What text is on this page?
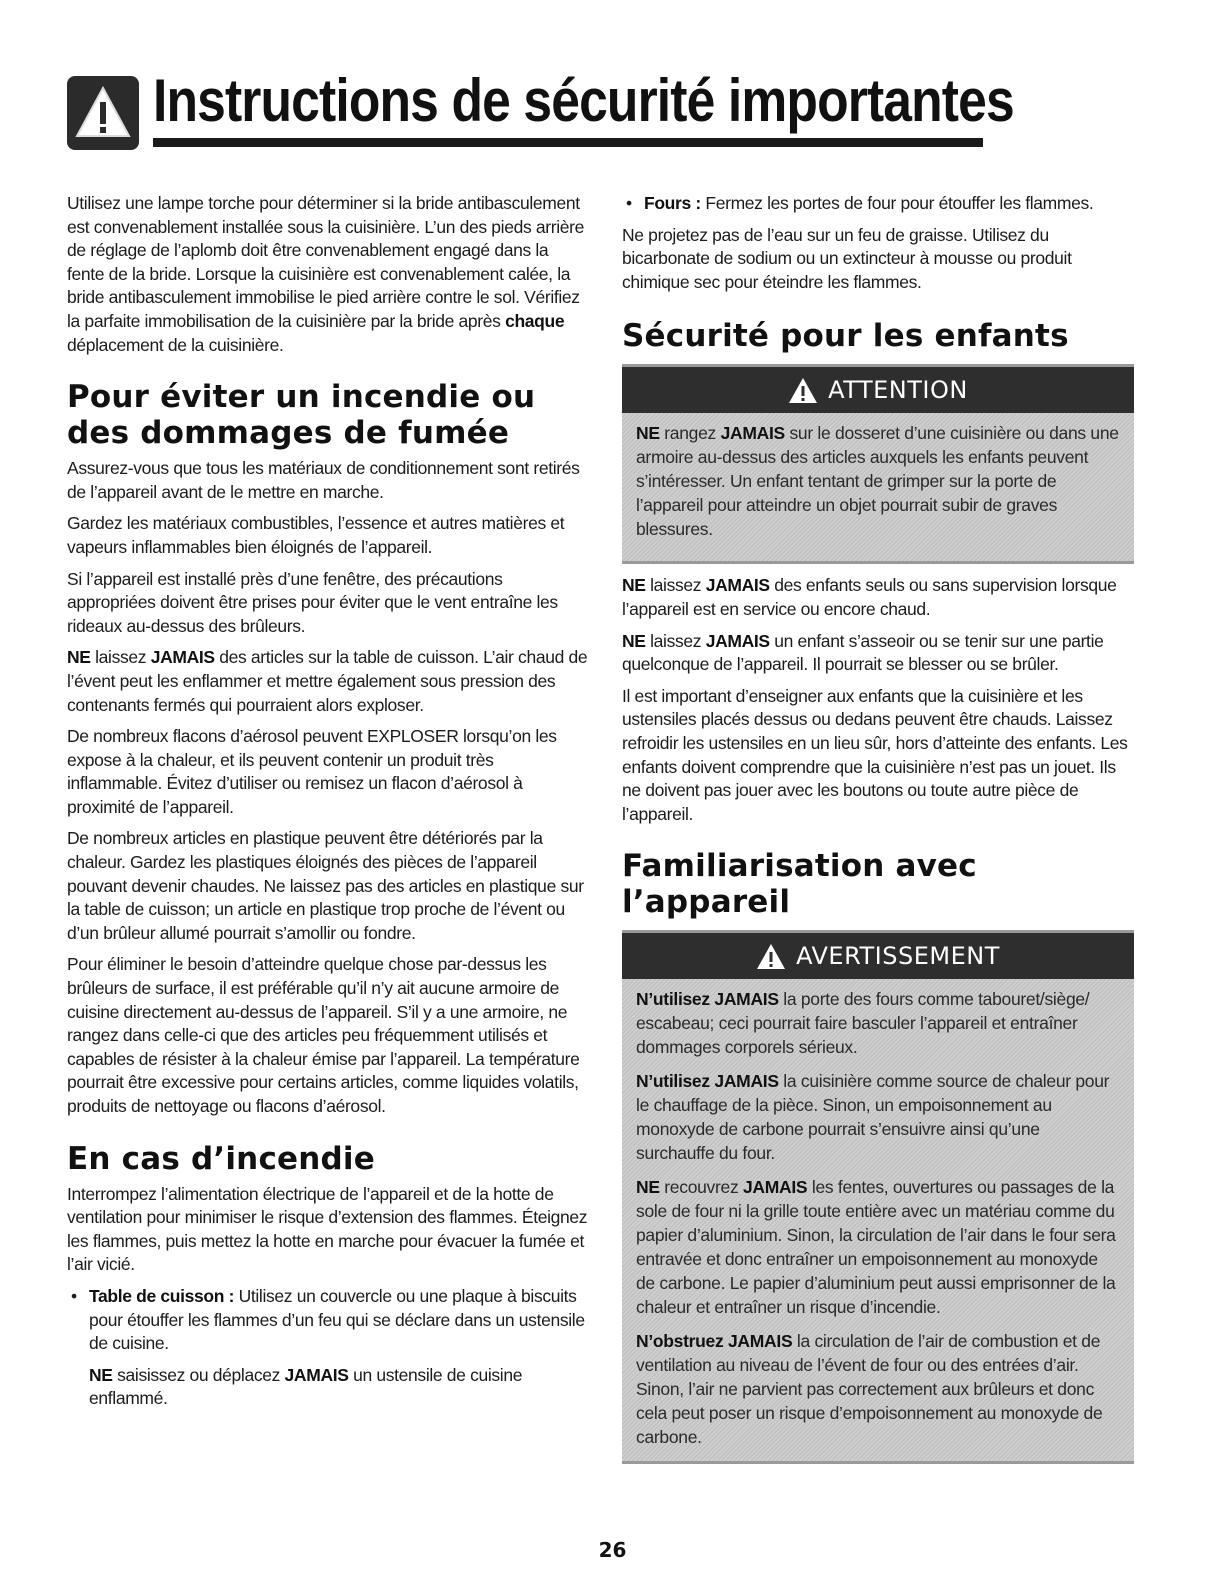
Instructions de sécurité importantes

Utilisez une lampe torche pour déterminer si la bride antibasculement est convenablement installée sous la cuisinière. L’un des pieds arrière de réglage de l’aplomb doit être convenablement engagé dans la fente de la bride. Lorsque la cuisinière est convenablement calée, la bride antibasculement immobilise le pied arrière contre le sol. Vérifiez la parfaite immobilisation de la cuisinière par la bride après chaque déplacement de la cuisinière.

Pour éviter un incendie ou des dommages de fumée

Assurez-vous que tous les matériaux de conditionnement sont retirés de l’appareil avant de le mettre en marche.

Gardez les matériaux combustibles, l’essence et autres matières et vapeurs inflammables bien éloignés de l’appareil.

Si l’appareil est installé près d’une fenêtre, des précautions appropriées doivent être prises pour éviter que le vent entraîne les rideaux au-dessus des brûleurs.

NE laissez JAMAIS des articles sur la table de cuisson. L’air chaud de l’évent peut les enflammer et mettre également sous pression des contenants fermés qui pourraient alors exploser.

De nombreux flacons d’aérosol peuvent EXPLOSER lorsqu’on les expose à la chaleur, et ils peuvent contenir un produit très inflammable. Évitez d’utiliser ou remisez un flacon d’aérosol à proximité de l’appareil.

De nombreux articles en plastique peuvent être détériorés par la chaleur. Gardez les plastiques éloignés des pièces de l’appareil pouvant devenir chaudes. Ne laissez pas des articles en plastique sur la table de cuisson; un article en plastique trop proche de l’évent ou d’un brûleur allumé pourrait s’amollir ou fondre.

Pour éliminer le besoin d’atteindre quelque chose par-dessus les brûleurs de surface, il est préférable qu’il n’y ait aucune armoire de cuisine directement au-dessus de l’appareil. S’il y a une armoire, ne rangez dans celle-ci que des articles peu fréquemment utilisés et capables de résister à la chaleur émise par l’appareil. La température pourrait être excessive pour certains articles, comme liquides volatils, produits de nettoyage ou flacons d’aérosol.

En cas d’incendie

Interrompez l’alimentation électrique de l’appareil et de la hotte de ventilation pour minimiser le risque d’extension des flammes. Éteignez les flammes, puis mettez la hotte en marche pour évacuer la fumée et l’air vicié.

• Table de cuisson : Utilisez un couvercle ou une plaque à biscuits pour étouffer les flammes d’un feu qui se déclare dans un ustensile de cuisine.

NE saisissez ou déplacez JAMAIS un ustensile de cuisine enflammé.

• Fours : Fermez les portes de four pour étouffer les flammes.

Ne projetez pas de l’eau sur un feu de graisse. Utilisez du bicarbonate de sodium ou un extincteur à mousse ou produit chimique sec pour éteindre les flammes.

Sécurité pour les enfants
ATTENTION

NE rangez JAMAIS sur le dosseret d’une cuisinière ou dans une armoire au-dessus des articles auxquels les enfants peuvent s’intéresser. Un enfant tentant de grimper sur la porte de l’appareil pour atteindre un objet pourrait subir de graves blessures.

NE laissez JAMAIS des enfants seuls ou sans supervision lorsque l’appareil est en service ou encore chaud.

NE laissez JAMAIS un enfant s’asseoir ou se tenir sur une partie quelconque de l’appareil. Il pourrait se blesser ou se brûler.

Il est important d’enseigner aux enfants que la cuisinière et les ustensiles placés dessus ou dedans peuvent être chauds. Laissez refroidir les ustensiles en un lieu sûr, hors d’atteinte des enfants. Les enfants doivent comprendre que la cuisinière n’est pas un jouet. Ils ne doivent pas jouer avec les boutons ou toute autre pièce de l’appareil.

Familiarisation avec l’appareil
AVERTISSEMENT

N’utilisez JAMAIS la porte des fours comme tabouret/siège/ escabeau; ceci pourrait faire basculer l’appareil et entraîner dommages corporels sérieux.

N’utilisez JAMAIS la cuisinière comme source de chaleur pour le chauffage de la pièce. Sinon, un empoisonnement au monoxyde de carbone pourrait s’ensuivre ainsi qu’une surchauffe du four.

NE recouvrez JAMAIS les fentes, ouvertures ou passages de la sole de four ni la grille toute entière avec un matériau comme du papier d’aluminium. Sinon, la circulation de l’air dans le four sera entravée et donc entraîner un empoisonnement au monoxyde de carbone. Le papier d’aluminium peut aussi emprisonner de la chaleur et entraîner un risque d’incendie.

N’obstruez JAMAIS la circulation de l’air de combustion et de ventilation au niveau de l’évent de four ou des entrées d’air. Sinon, l’air ne parvient pas correctement aux brûleurs et donc cela peut poser un risque d’empoisonnement au monoxyde de carbone.

26
